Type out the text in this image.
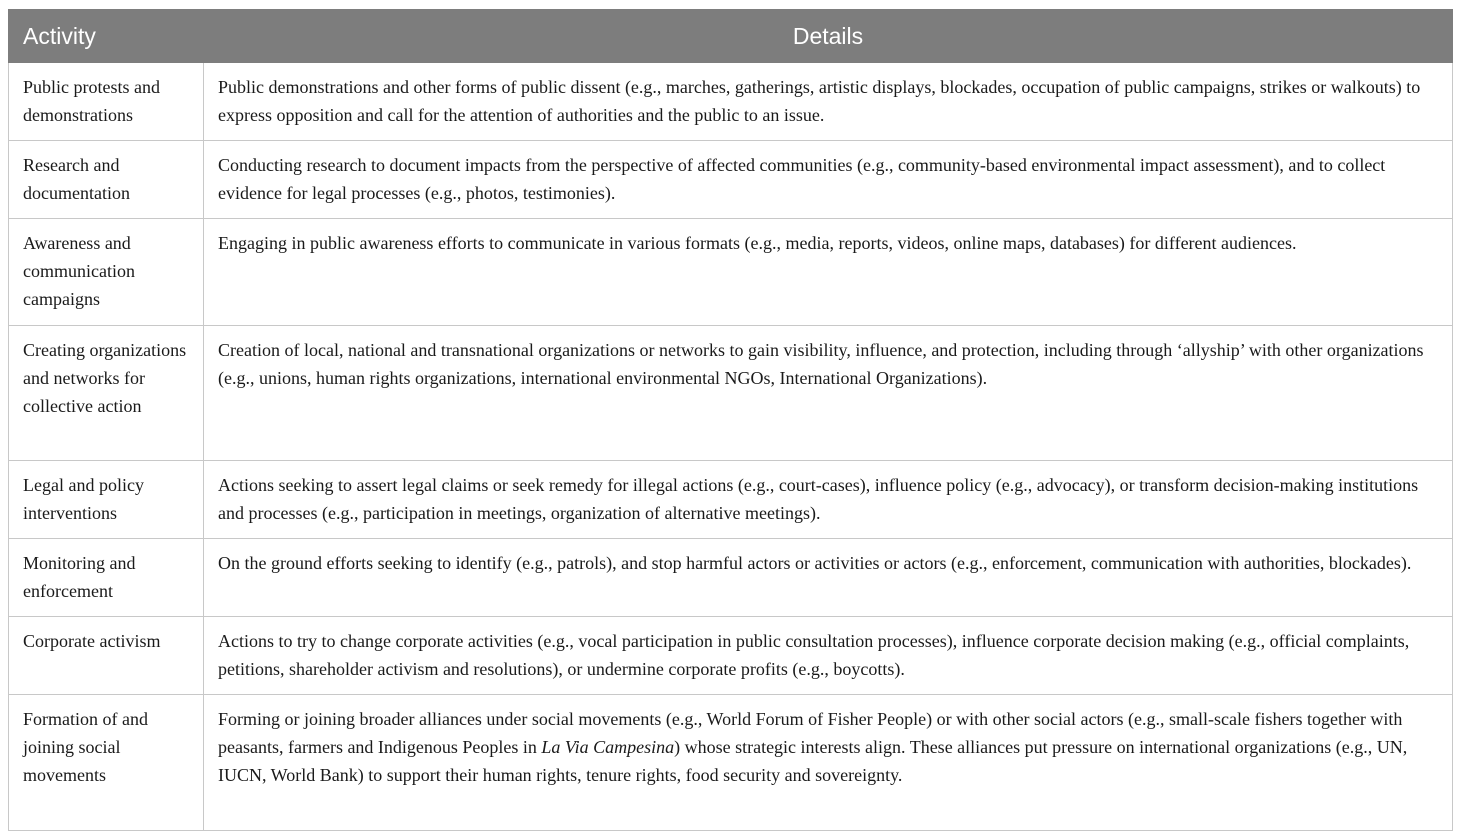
Activity	Details
Public protests and demonstrations	Public demonstrations and other forms of public dissent (e.g., marches, gatherings, artistic displays, blockades, occupation of public campaigns, strikes or walkouts) to express opposition and call for the attention of authorities and the public to an issue.
Research and documentation	Conducting research to document impacts from the perspective of affected communities (e.g., community-based environmental impact assessment), and to collect evidence for legal processes (e.g., photos, testimonies).
Awareness and communication campaigns	Engaging in public awareness efforts to communicate in various formats (e.g., media, reports, videos, online maps, databases) for different audiences.
Creating organizations and networks for collective action	Creation of local, national and transnational organizations or networks to gain visibility, influence, and protection, including through ‘allyship’ with other organizations (e.g., unions, human rights organizations, international environmental NGOs, International Organizations).
Legal and policy interventions	Actions seeking to assert legal claims or seek remedy for illegal actions (e.g., court-cases), influence policy (e.g., advocacy), or transform decision-making institutions and processes (e.g., participation in meetings, organization of alternative meetings).
Monitoring and enforcement	On the ground efforts seeking to identify (e.g., patrols), and stop harmful actors or activities or actors (e.g., enforcement, communication with authorities, blockades).
Corporate activism	Actions to try to change corporate activities (e.g., vocal participation in public consultation processes), influence corporate decision making (e.g., official complaints, petitions, shareholder activism and resolutions), or undermine corporate profits (e.g., boycotts).
Formation of and joining social movements	Forming or joining broader alliances under social movements (e.g., World Forum of Fisher People) or with other social actors (e.g., small-scale fishers together with peasants, farmers and Indigenous Peoples in La Via Campesina) whose strategic interests align. These alliances put pressure on international organizations (e.g., UN, IUCN, World Bank) to support their human rights, tenure rights, food security and sovereignty.
